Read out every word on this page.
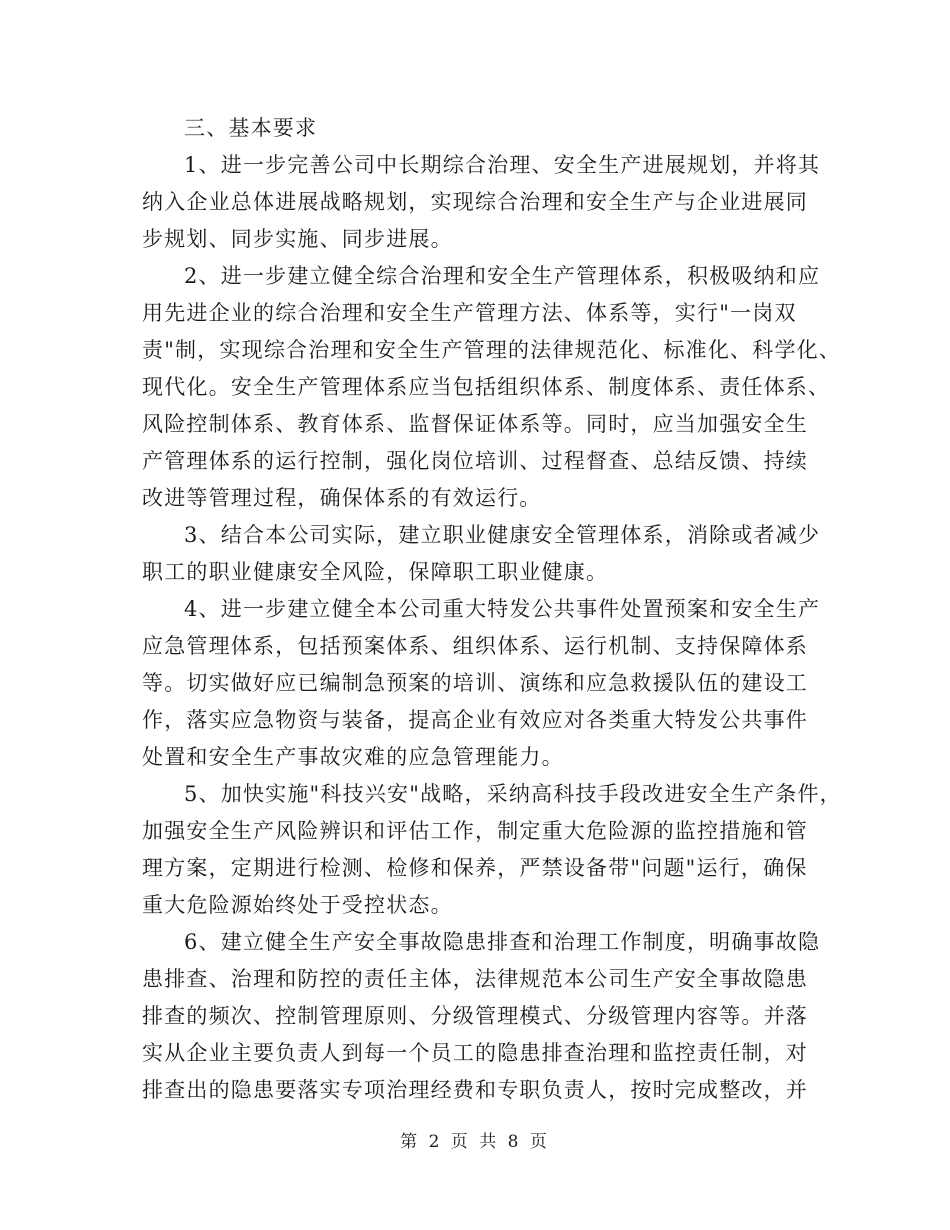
三、基本要求
1、进一步完善公司中长期综合治理、安全生产进展规划，并将其
纳入企业总体进展战略规划，实现综合治理和安全生产与企业进展同
步规划、同步实施、同步进展。
2、进一步建立健全综合治理和安全生产管理体系，积极吸纳和应
用先进企业的综合治理和安全生产管理方法、体系等，实行"一岗双
责"制，实现综合治理和安全生产管理的法律规范化、标准化、科学化、
现代化。安全生产管理体系应当包括组织体系、制度体系、责任体系、
风险控制体系、教育体系、监督保证体系等。同时，应当加强安全生
产管理体系的运行控制，强化岗位培训、过程督查、总结反馈、持续
改进等管理过程，确保体系的有效运行。
3、结合本公司实际，建立职业健康安全管理体系，消除或者减少
职工的职业健康安全风险，保障职工职业健康。
4、进一步建立健全本公司重大特发公共事件处置预案和安全生产
应急管理体系，包括预案体系、组织体系、运行机制、支持保障体系
等。切实做好应已编制急预案的培训、演练和应急救援队伍的建设工
作，落实应急物资与装备，提高企业有效应对各类重大特发公共事件
处置和安全生产事故灾难的应急管理能力。
5、加快实施"科技兴安"战略，采纳高科技手段改进安全生产条件，
加强安全生产风险辨识和评估工作，制定重大危险源的监控措施和管
理方案，定期进行检测、检修和保养，严禁设备带"问题"运行，确保
重大危险源始终处于受控状态。
6、建立健全生产安全事故隐患排查和治理工作制度，明确事故隐
患排查、治理和防控的责任主体，法律规范本公司生产安全事故隐患
排查的频次、控制管理原则、分级管理模式、分级管理内容等。并落
实从企业主要负责人到每一个员工的隐患排查治理和监控责任制，对
排查出的隐患要落实专项治理经费和专职负责人，按时完成整改，并
第 2 页 共 8 页
